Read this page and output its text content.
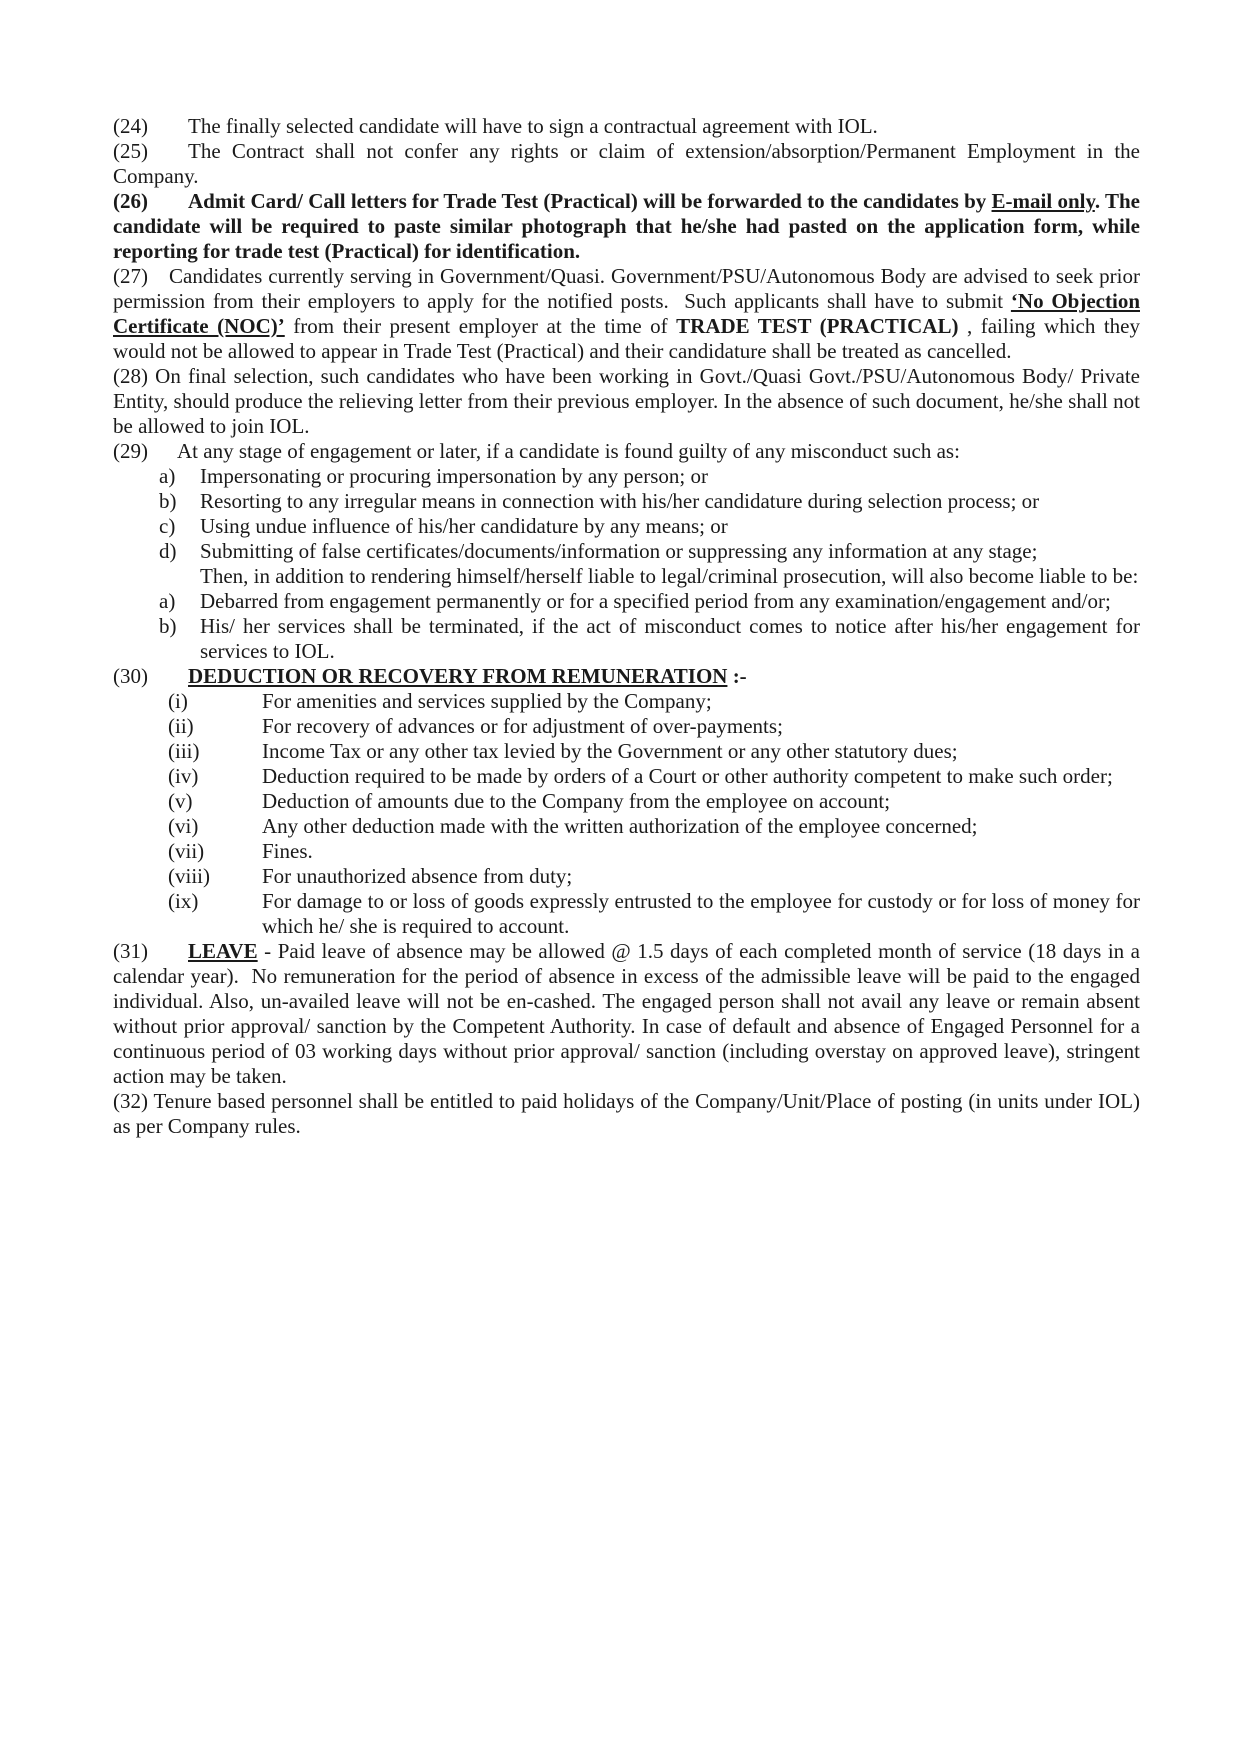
(24) The finally selected candidate will have to sign a contractual agreement with IOL.

(25) The Contract shall not confer any rights or claim of extension/absorption/Permanent Employment in the Company.

(26) Admit Card/ Call letters for Trade Test (Practical) will be forwarded to the candidates by E-mail only. The candidate will be required to paste similar photograph that he/she had pasted on the application form, while reporting for trade test (Practical) for identification.

(27) Candidates currently serving in Government/Quasi. Government/PSU/Autonomous Body are advised to seek prior permission from their employers to apply for the notified posts.  Such applicants shall have to submit ‘No Objection Certificate (NOC)’ from their present employer at the time of TRADE TEST (PRACTICAL) , failing which they would not be allowed to appear in Trade Test (Practical) and their candidature shall be treated as cancelled.

(28) On final selection, such candidates who have been working in Govt./Quasi Govt./PSU/Autonomous Body/ Private Entity, should produce the relieving letter from their previous employer. In the absence of such document, he/she shall not be allowed to join IOL.

(29) At any stage of engagement or later, if a candidate is found guilty of any misconduct such as:

a)	Impersonating or procuring impersonation by any person; or
b)	Resorting to any irregular means in connection with his/her candidature during selection process; or
c)	Using undue influence of his/her candidature by any means; or
d)	Submitting of false certificates/documents/information or suppressing any information at any stage;

Then, in addition to rendering himself/herself liable to legal/criminal prosecution, will also become liable to be:

a)	Debarred from engagement permanently or for a specified period from any examination/engagement and/or;
b)	His/ her services shall be terminated, if the act of misconduct comes to notice after his/her engagement for services to IOL.

(30) DEDUCTION OR RECOVERY FROM REMUNERATION :-

(i)	For amenities and services supplied by the Company;
(ii)	For recovery of advances or for adjustment of over-payments;
(iii)	Income Tax or any other tax levied by the Government or any other statutory dues;
(iv)	Deduction required to be made by orders of a Court or other authority competent to make such order;
(v)	Deduction of amounts due to the Company from the employee on account;
(vi)	Any other deduction made with the written authorization of the employee concerned;
(vii)	Fines.
(viii)	For unauthorized absence from duty;
(ix)	For damage to or loss of goods expressly entrusted to the employee for custody or for loss of money for which he/ she is required to account.

(31) LEAVE - Paid leave of absence may be allowed @ 1.5 days of each completed month of service (18 days in a calendar year).  No remuneration for the period of absence in excess of the admissible leave will be paid to the engaged individual. Also, un-availed leave will not be en-cashed. The engaged person shall not avail any leave or remain absent without prior approval/ sanction by the Competent Authority. In case of default and absence of Engaged Personnel for a continuous period of 03 working days without prior approval/ sanction (including overstay on approved leave), stringent action may be taken.

(32) Tenure based personnel shall be entitled to paid holidays of the Company/Unit/Place of posting (in units under IOL) as per Company rules.
